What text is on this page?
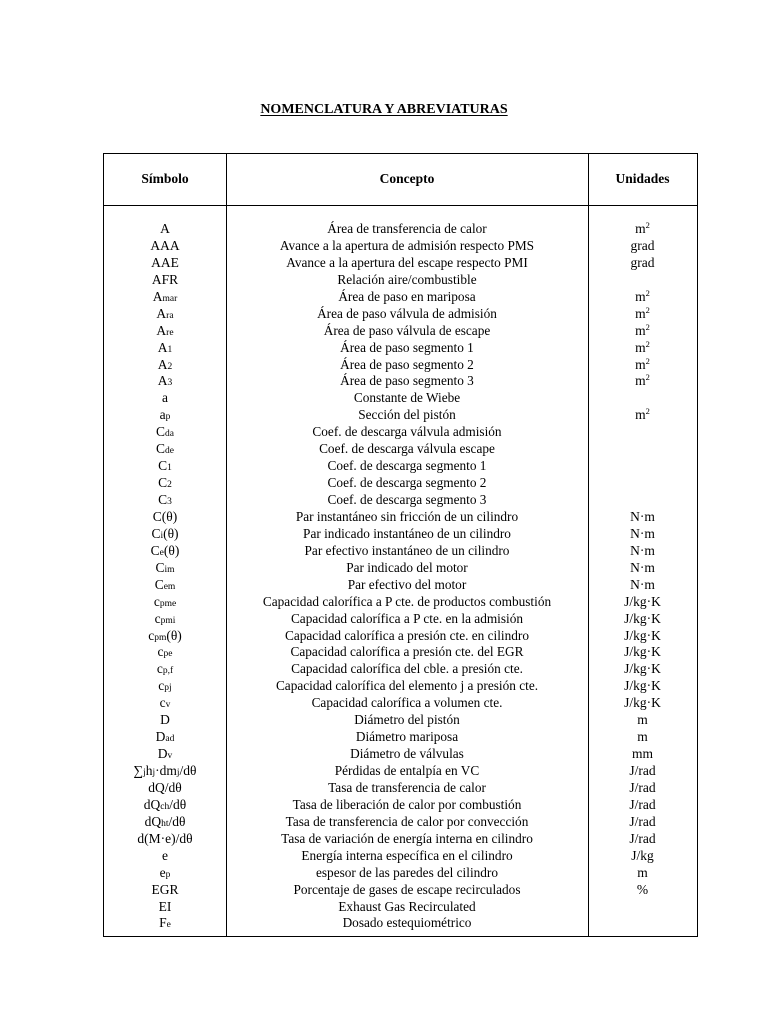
NOMENCLATURA Y ABREVIATURAS
Símbolo	Concepto	Unidades
A	Área de transferencia de calor	$m^2$
AAA	Avance a la apertura de admisión respecto PMS	grad
AAE	Avance a la apertura del escape respecto PMI	grad
AFR	Relación aire/combustible
Amar	Área de paso en mariposa	$m^2$
Ara	Área de paso válvula de admisión	$m^2$
Are	Área de paso válvula de escape	$m^2$
A1	Área de paso segmento 1	$m^2$
A2	Área de paso segmento 2	$m^2$
A3	Área de paso segmento 3	$m^2$
a	Constante de Wiebe
ap	Sección del pistón	$m^2$
Cda	Coef. de descarga válvula admisión
Cde	Coef. de descarga válvula escape
C1	Coef. de descarga segmento 1
C2	Coef. de descarga segmento 2
C3	Coef. de descarga segmento 3
C(θ)	Par instantáneo sin fricción de un cilindro	N·m
Ci(θ)	Par indicado instantáneo de un cilindro	N·m
Ce(θ)	Par efectivo instantáneo de un cilindro	N·m
Cim	Par indicado del motor	N·m
Cem	Par efectivo del motor	N·m
cpme	Capacidad calorífica a P cte. de productos combustión	J/kg·K
cpmi	Capacidad calorífica a P cte. en la admisión	J/kg·K
cpm(θ)	Capacidad calorífica a presión cte. en cilindro	J/kg·K
cpe	Capacidad calorífica a presión cte. del EGR	J/kg·K
cp,f	Capacidad calorífica del cble. a presión cte.	J/kg·K
cpj	Capacidad calorífica del elemento j a presión cte.	J/kg·K
cv	Capacidad calorífica a volumen cte.	J/kg·K
D	Diámetro del pistón	m
Dad	Diámetro mariposa	m
Dv	Diámetro de válvulas	mm
∑jhj·dmj/dθ	Pérdidas de entalpía en VC	J/rad
dQ/dθ	Tasa de transferencia de calor	J/rad
dQch/dθ	Tasa de liberación de calor por combustión	J/rad
dQht/dθ	Tasa de transferencia de calor por convección	J/rad
d(M·e)/dθ	Tasa de variación de energía interna en cilindro	J/rad
e	Energía interna específica en el cilindro	J/kg
ep	espesor de las paredes del cilindro	m
EGR	Porcentaje de gases de escape recirculados	%
EI	Exhaust Gas Recirculated
Fe	Dosado estequiométrico
